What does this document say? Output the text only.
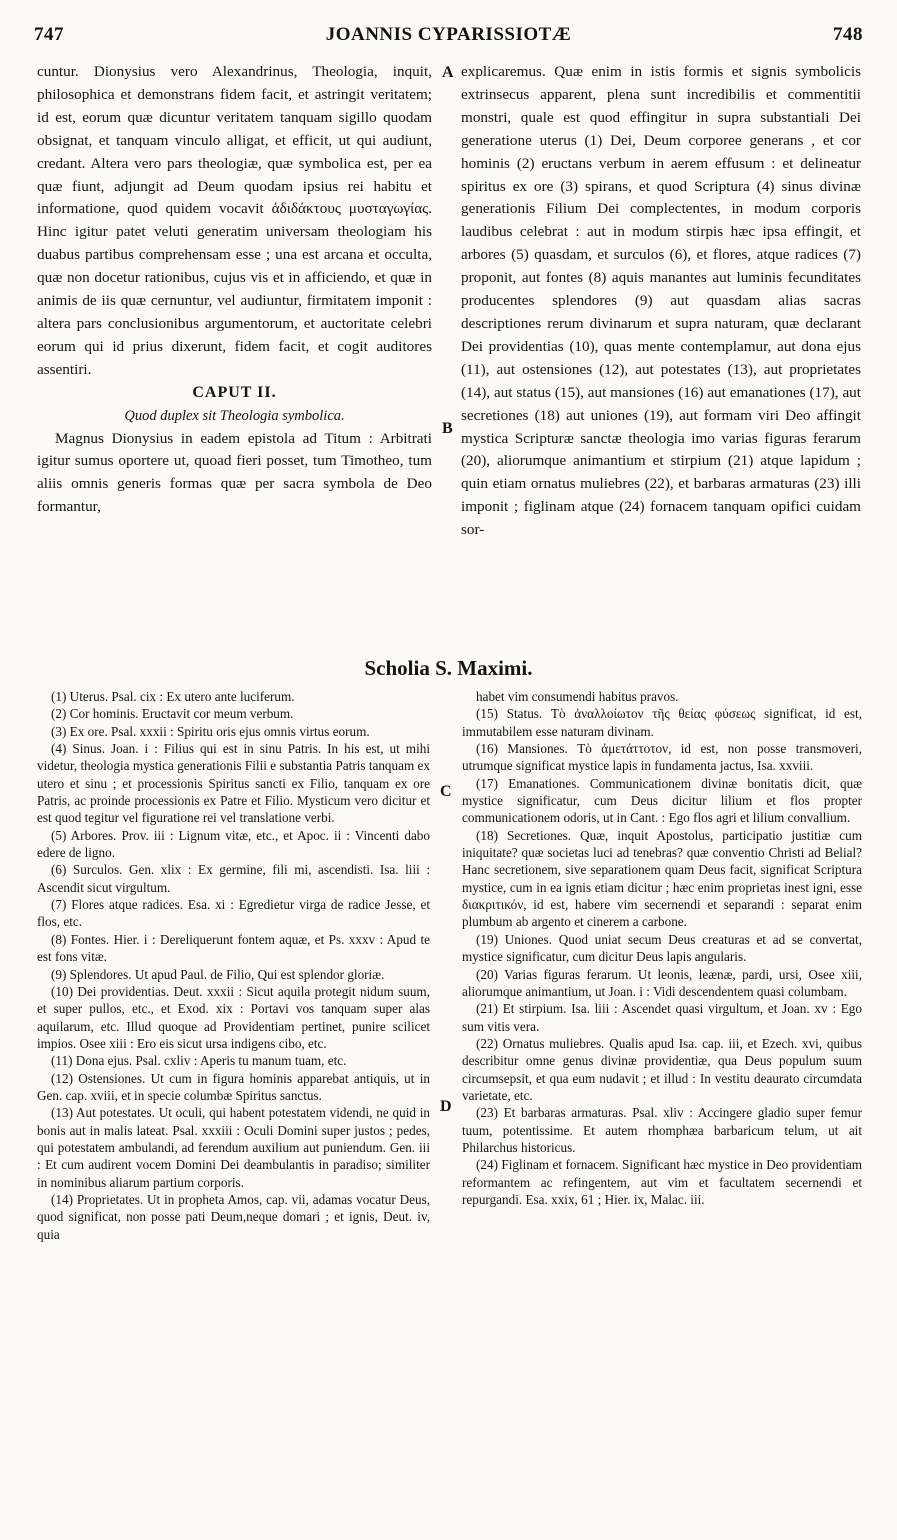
747	JOANNIS CYPARISSIOTÆ	748

cuntur. Dionysius vero Alexandrinus, Theologia, inquit, philosophica et demonstrans fidem facit, et astringit veritatem; id est, eorum quæ dicuntur veritatem tanquam sigillo quodam obsignat, et tanquam vinculo alligat, et efficit, ut qui audiunt, credant. Altera vero pars theologiæ, quæ symbolica est, per ea quæ fiunt, adjungit ad Deum quodam ipsius rei habitu et informatione, quod quidem vocavit ἀδιδάκτους μυσταγωγίας. Hinc igitur patet veluti generatim universam theologiam his duabus partibus comprehensam esse ; una est arcana et occulta, quæ non docetur rationibus, cujus vis et in afficiendo, et quæ in animis de iis quæ cernuntur, vel audiuntur, firmitatem imponit : altera pars conclusionibus argumentorum, et auctoritate celebri eorum qui id prius dixerunt, fidem facit, et cogit auditores assentiri.

CAPUT II.

Quod duplex sit Theologia symbolica.

Magnus Dionysius in eadem epistola ad Titum : Arbitrati igitur sumus oportere ut, quoad fieri posset, tum Timotheo, tum aliis omnis generis formas quæ per sacra symbola de Deo formantur,

explicaremus. Quæ enim in istis formis et signis symbolicis extrinsecus apparent, plena sunt incredibilis et commentitii monstri, quale est quod effingitur in supra substantiali Dei generatione uterus (1) Dei, Deum corporee generans , et cor hominis (2) eructans verbum in aerem effusum : et delineatur spiritus ex ore (3) spirans, et quod Scriptura (4) sinus divinæ generationis Filium Dei complectentes, in modum corporis laudibus celebrat : aut in modum stirpis hæc ipsa effingit, et arbores (5) quasdam, et surculos (6), et flores, atque radices (7) proponit, aut fontes (8) aquis manantes aut luminis fecunditates producentes splendores (9) aut quasdam alias sacras descriptiones rerum divinarum et supra naturam, quæ declarant Dei providentias (10), quas mente contemplamur, aut dona ejus (11), aut ostensiones (12), aut potestates (13), aut proprietates (14), aut status (15), aut mansiones (16) aut emanationes (17), aut secretiones (18) aut uniones (19), aut formam viri Deo affingit mystica Scripturæ sanctæ theologia imo varias figuras ferarum (20), aliorumque animantium et stirpium (21) atque lapidum ; quin etiam ornatus muliebres (22), et barbaras armaturas (23) illi imponit ; figlinam atque (24) fornacem tanquam opifici cuidam sor-

A
B
C
D
Scholia S. Maximi.

(1) Uterus. Psal. cix : Ex utero ante luciferum.

(2) Cor hominis. Eructavit cor meum verbum.

(3) Ex ore. Psal. xxxii : Spiritu oris ejus omnis virtus eorum.

(4) Sinus. Joan. i : Filius qui est in sinu Patris. In his est, ut mihi videtur, theologia mystica generationis Filii e substantia Patris tanquam ex utero et sinu ; et processionis Spiritus sancti ex Filio, tanquam ex ore Patris, ac proinde processionis ex Patre et Filio. Mysticum vero dicitur et est quod tegitur vel figuratione rei vel translatione verbi.

(5) Arbores. Prov. iii : Lignum vitæ, etc., et Apoc. ii : Vincenti dabo edere de ligno.

(6) Surculos. Gen. xlix : Ex germine, fili mi, ascendisti. Isa. liii : Ascendit sicut virgultum.

(7) Flores atque radices. Esa. xi : Egredietur virga de radice Jesse, et flos, etc.

(8) Fontes. Hier. i : Dereliquerunt fontem aquæ, et Ps. xxxv : Apud te est fons vitæ.

(9) Splendores. Ut apud Paul. de Filio, Qui est splendor gloriæ.

(10) Dei providentias. Deut. xxxii : Sicut aquila protegit nidum suum, et super pullos, etc., et Exod. xix : Portavi vos tanquam super alas aquilarum, etc. Illud quoque ad Providentiam pertinet, punire scilicet impios. Osee xiii : Ero eis sicut ursa indigens cibo, etc.

(11) Dona ejus. Psal. cxliv : Aperis tu manum tuam, etc.

(12) Ostensiones. Ut cum in figura hominis apparebat antiquis, ut in Gen. cap. xviii, et in specie columbæ Spiritus sanctus.

(13) Aut potestates. Ut oculi, qui habent potestatem videndi, ne quid in bonis aut in malis lateat. Psal. xxxiii : Oculi Domini super justos ; pedes, qui potestatem ambulandi, ad ferendum auxilium aut puniendum. Gen. iii : Et cum audirent vocem Domini Dei deambulantis in paradiso; similiter in nominibus aliarum partium corporis.

(14) Proprietates. Ut in propheta Amos, cap. vii, adamas vocatur Deus, quod significat, non posse pati Deum,neque domari ; et ignis, Deut. iv, quia

habet vim consumendi habitus pravos.

(15) Status. Τὸ ἀναλλοίωτον τῆς θείας φύσεως significat, id est, immutabilem esse naturam divinam.

(16) Mansiones. Τὸ ἀμετάττοτον, id est, non posse transmoveri, utrumque significat mystice lapis in fundamenta jactus, Isa. xxviii.

(17) Emanationes. Communicationem divinæ bonitatis dicit, quæ mystice significatur, cum Deus dicitur lilium et flos propter communicationem odoris, ut in Cant. : Ego flos agri et lilium convallium.

(18) Secretiones. Quæ, inquit Apostolus, participatio justitiæ cum iniquitate? quæ societas luci ad tenebras? quæ conventio Christi ad Belial? Hanc secretionem, sive separationem quam Deus facit, significat Scriptura mystice, cum in ea ignis etiam dicitur ; hæc enim proprietas inest igni, esse διακριτικόν, id est, habere vim secernendi et separandi : separat enim plumbum ab argento et cinerem a carbone.

(19) Uniones. Quod uniat secum Deus creaturas et ad se convertat, mystice significatur, cum dicitur Deus lapis angularis.

(20) Varias figuras ferarum. Ut leonis, leænæ, pardi, ursi, Osee xiii, aliorumque animantium, ut Joan. i : Vidi descendentem quasi columbam.

(21) Et stirpium. Isa. liii : Ascendet quasi virgultum, et Joan. xv : Ego sum vitis vera.

(22) Ornatus muliebres. Qualis apud Isa. cap. iii, et Ezech. xvi, quibus describitur omne genus divinæ providentiæ, qua Deus populum suum circumsepsit, et qua eum nudavit ; et illud : In vestitu deaurato circumdata varietate, etc.

(23) Et barbaras armaturas. Psal. xliv : Accingere gladio super femur tuum, potentissime. Et autem rhomphæa barbaricum telum, ut ait Philarchus historicus.

(24) Figlinam et fornacem. Significant hæc mystice in Deo providentiam reformantem ac refingentem, aut vim et facultatem secernendi et repurgandi. Esa. xxix, 61 ; Hier. ix, Malac. iii.
